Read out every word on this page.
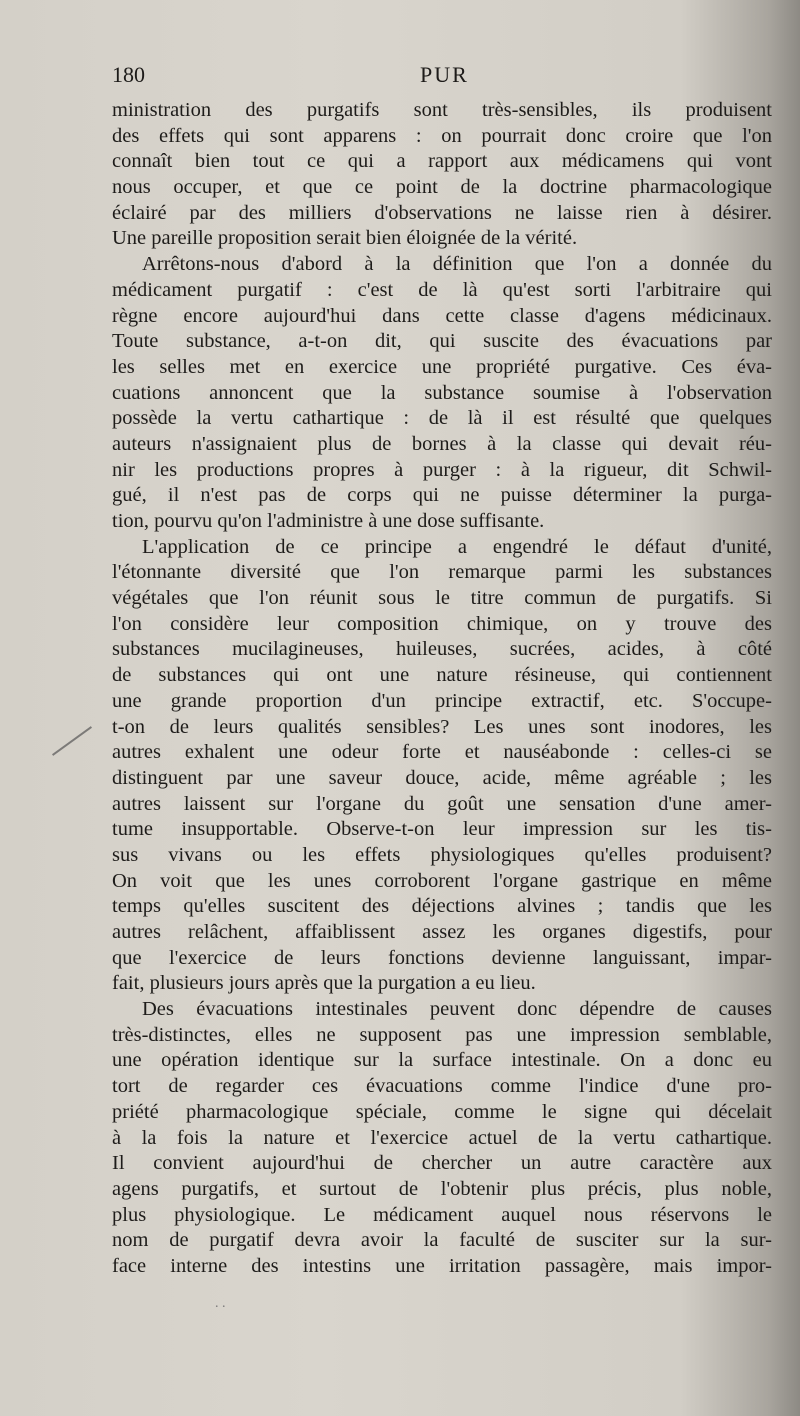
180	PUR
ministration des purgatifs sont très-sensibles, ils produisent
des effets qui sont apparens : on pourrait donc croire que l'on
connaît bien tout ce qui a rapport aux médicamens qui vont
nous occuper, et que ce point de la doctrine pharmacologique
éclairé par des milliers d'observations ne laisse rien à désirer.
Une pareille proposition serait bien éloignée de la vérité.
Arrêtons-nous d'abord à la définition que l'on a donnée du
médicament purgatif : c'est de là qu'est sorti l'arbitraire qui
règne encore aujourd'hui dans cette classe d'agens médicinaux.
Toute substance, a-t-on dit, qui suscite des évacuations par
les selles met en exercice une propriété purgative. Ces éva-
cuations annoncent que la substance soumise à l'observation
possède la vertu cathartique : de là il est résulté que quelques
auteurs n'assignaient plus de bornes à la classe qui devait réu-
nir les productions propres à purger : à la rigueur, dit Schwil-
gué, il n'est pas de corps qui ne puisse déterminer la purga-
tion, pourvu qu'on l'administre à une dose suffisante.
L'application de ce principe a engendré le défaut d'unité,
l'étonnante diversité que l'on remarque parmi les substances
végétales que l'on réunit sous le titre commun de purgatifs. Si
l'on considère leur composition chimique, on y trouve des
substances mucilagineuses, huileuses, sucrées, acides, à côté
de substances qui ont une nature résineuse, qui contiennent
une grande proportion d'un principe extractif, etc. S'occupe-
t-on de leurs qualités sensibles? Les unes sont inodores, les
autres exhalent une odeur forte et nauséabonde : celles-ci se
distinguent par une saveur douce, acide, même agréable ; les
autres laissent sur l'organe du goût une sensation d'une amer-
tume insupportable. Observe-t-on leur impression sur les tis-
sus vivans ou les effets physiologiques qu'elles produisent?
On voit que les unes corroborent l'organe gastrique en même
temps qu'elles suscitent des déjections alvines ; tandis que les
autres relâchent, affaiblissent assez les organes digestifs, pour
que l'exercice de leurs fonctions devienne languissant, impar-
fait, plusieurs jours après que la purgation a eu lieu.
Des évacuations intestinales peuvent donc dépendre de causes
très-distinctes, elles ne supposent pas une impression semblable,
une opération identique sur la surface intestinale. On a donc eu
tort de regarder ces évacuations comme l'indice d'une pro-
priété pharmacologique spéciale, comme le signe qui décelait
à la fois la nature et l'exercice actuel de la vertu cathartique.
Il convient aujourd'hui de chercher un autre caractère aux
agens purgatifs, et surtout de l'obtenir plus précis, plus noble,
plus physiologique. Le médicament auquel nous réservons le
nom de purgatif devra avoir la faculté de susciter sur la sur-
face interne des intestins une irritation passagère, mais impor-
. .
